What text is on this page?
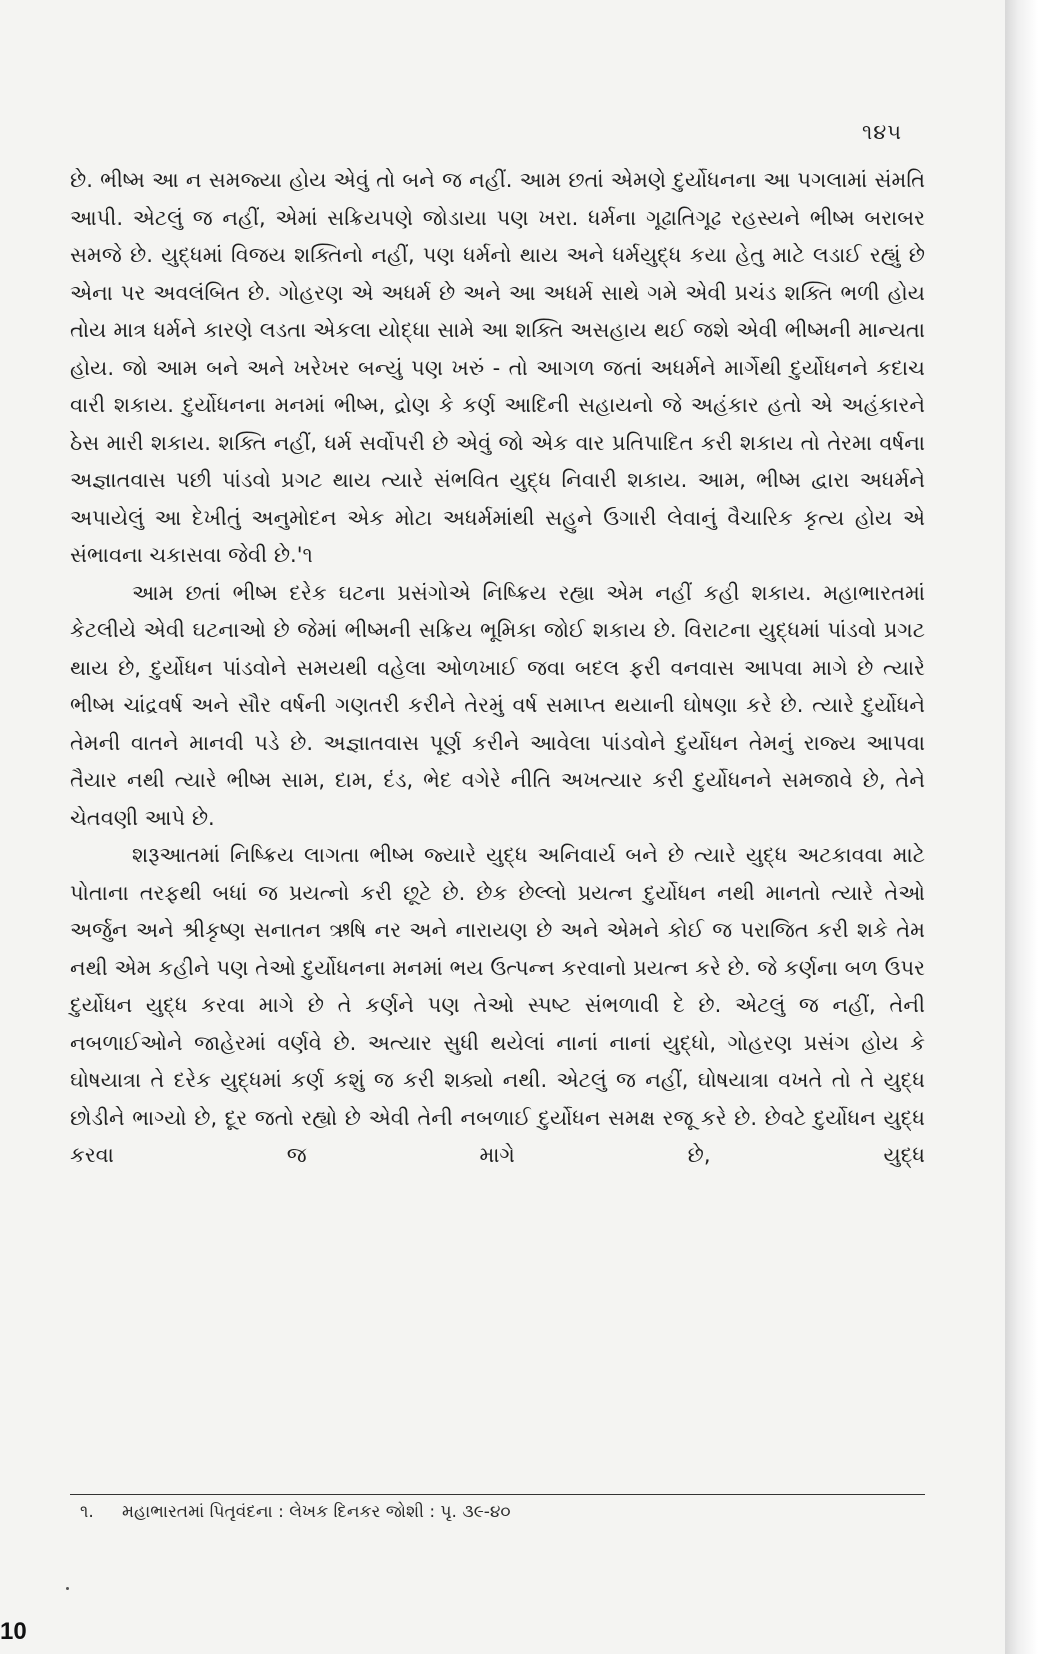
૧૪૫

છે. ભીષ્મ આ ન સમજ્યા હોય એવું તો બને જ નહીં. આમ છતાં એમણે દુર્યોધનના આ પગલામાં સંમતિ આપી. એટલું જ નહીં, એમાં સક્રિયપણે જોડાયા પણ ખરા. ધર્મના ગૂઢાતિગૂઢ રહસ્યને ભીષ્મ બરાબર સમજે છે. યુદ્ધમાં વિજય શક્તિનો નહીં, પણ ધર્મનો થાય અને ધર્મયુદ્ધ કયા હેતુ માટે લડાઈ રહ્યું છે એના પર અવલંબિત છે. ગોહરણ એ અધર્મ છે અને આ અધર્મ સાથે ગમે એવી પ્રચંડ શક્તિ ભળી હોય તોય માત્ર ધર્મને કારણે લડતા એકલા યોદ્ધા સામે આ શક્તિ અસહાય થઈ જશે એવી ભીષ્મની માન્યતા હોય. જો આમ બને અને ખરેખર બન્યું પણ ખરું - તો આગળ જતાં અધર્મને માર્ગેથી દુર્યોધનને કદાચ વારી શકાય. દુર્યોધનના મનમાં ભીષ્મ, દ્રોણ કે કર્ણ આદિની સહાયનો જે અહંકાર હતો એ અહંકારને ઠેસ મારી શકાય. શક્તિ નહીં, ધર્મ સર્વોપરી છે એવું જો એક વાર પ્રતિપાદિત કરી શકાય તો તેરમા વર્ષના અજ્ઞાતવાસ પછી પાંડવો પ્રગટ થાય ત્યારે સંભવિત યુદ્ધ નિવારી શકાય. આમ, ભીષ્મ દ્વારા અધર્મને અપાયેલું આ દેખીતું અનુમોદન એક મોટા અધર્મમાંથી સહુને ઉગારી લેવાનું વૈચારિક કૃત્ય હોય એ સંભાવના ચકાસવા જેવી છે.'૧

આમ છતાં ભીષ્મ દરેક ઘટના પ્રસંગોએ નિષ્ક્રિય રહ્યા એમ નહીં કહી શકાય. મહાભારતમાં કેટલીયે એવી ઘટનાઓ છે જેમાં ભીષ્મની સક્રિય ભૂમિકા જોઈ શકાય છે. વિરાટના યુદ્ધમાં પાંડવો પ્રગટ થાય છે, દુર્યોધન પાંડવોને સમયથી વહેલા ઓળખાઈ જવા બદલ ફરી વનવાસ આપવા માગે છે ત્યારે ભીષ્મ ચાંદ્રવર્ષ અને સૌર વર્ષની ગણતરી કરીને તેરમું વર્ષ સમાપ્ત થયાની ઘોષણા કરે છે. ત્યારે દુર્યોધને તેમની વાતને માનવી પડે છે. અજ્ઞાતવાસ પૂર્ણ કરીને આવેલા પાંડવોને દુર્યોધન તેમનું રાજ્ય આપવા તૈયાર નથી ત્યારે ભીષ્મ સામ, દામ, દંડ, ભેદ વગેરે નીતિ અખત્યાર કરી દુર્યોધનને સમજાવે છે, તેને ચેતવણી આપે છે.

શરૂઆતમાં નિષ્ક્રિય લાગતા ભીષ્મ જ્યારે યુદ્ધ અનિવાર્ય બને છે ત્યારે યુદ્ધ અટકાવવા માટે પોતાના તરફથી બધાં જ પ્રયત્નો કરી છૂટે છે. છેક છેલ્લો પ્રયત્ન દુર્યોધન નથી માનતો ત્યારે તેઓ અર્જુન અને શ્રીકૃષ્ણ સનાતન ઋષિ નર અને નારાયણ છે અને એમને કોઈ જ પરાજિત કરી શકે તેમ નથી એમ કહીને પણ તેઓ દુર્યોધનના મનમાં ભય ઉત્પન્ન કરવાનો પ્રયત્ન કરે છે. જે કર્ણના બળ ઉપર દુર્યોધન યુદ્ધ કરવા માગે છે તે કર્ણને પણ તેઓ સ્પષ્ટ સંભળાવી દે છે. એટલું જ નહીં, તેની નબળાઈઓને જાહેરમાં વર્ણવે છે. અત્યાર સુધી થયેલાં નાનાં નાનાં યુદ્ધો, ગોહરણ પ્રસંગ હોય કે ઘોષયાત્રા તે દરેક યુદ્ધમાં કર્ણ કશું જ કરી શક્યો નથી. એટલું જ નહીં, ઘોષયાત્રા વખતે તો તે યુદ્ધ છોડીને ભાગ્યો છે, દૂર જતો રહ્યો છે એવી તેની નબળાઈ દુર્યોધન સમક્ષ રજૂ કરે છે. છેવટે દુર્યોધન યુદ્ધ કરવા જ માગે છે, યુદ્ધ

૧. મહાભારતમાં પિતૃવંદના : લેખક દિનકર જોશી : પૃ. ૩૯-૪૦
10
